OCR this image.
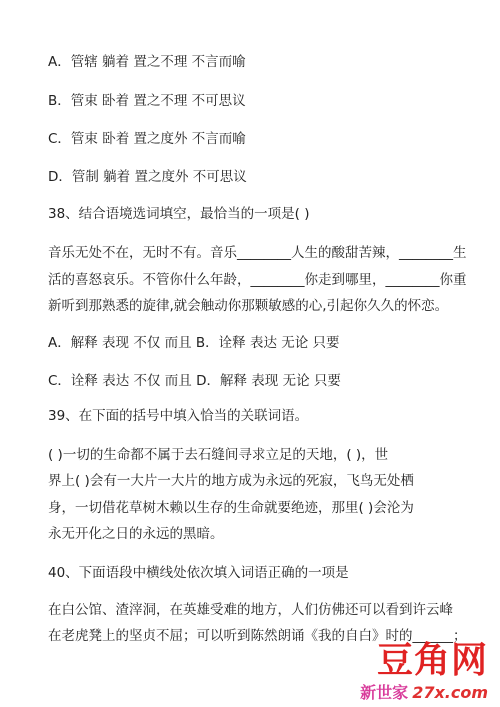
A．管辖 躺着 置之不理 不言而喻
B．管束 卧着 置之不理 不可思议
C．管束 卧着 置之度外 不言而喻
D．管制 躺着 置之度外 不可思议
38、结合语境选词填空，最恰当的一项是( )
音乐无处不在，无时不有。音乐________人生的酸甜苦辣，________生
活的喜怒哀乐。不管你什么年龄，________你走到哪里，________你重
新听到那熟悉的旋律,就会触动你那颗敏感的心,引起你久久的怀恋。
A．解释 表现 不仅 而且 B．诠释 表达 无论 只要
C．诠释 表达 不仅 而且 D．解释 表现 无论 只要
39、在下面的括号中填入恰当的关联词语。
( )一切的生命都不属于去石缝间寻求立足的天地，( )，世
界上( )会有一大片一大片的地方成为永远的死寂，飞鸟无处栖
身，一切借花草树木赖以生存的生命就要绝迹，那里( )会沦为
永无开化之日的永远的黑暗。
40、下面语段中横线处依次填入词语正确的一项是
在白公馆、渣滓洞，在英雄受难的地方，人们仿佛还可以看到许云峰
在老虎凳上的坚贞不屈；可以听到陈然朗诵《我的自白》时的______；
豆角网
新世家 27x.com
